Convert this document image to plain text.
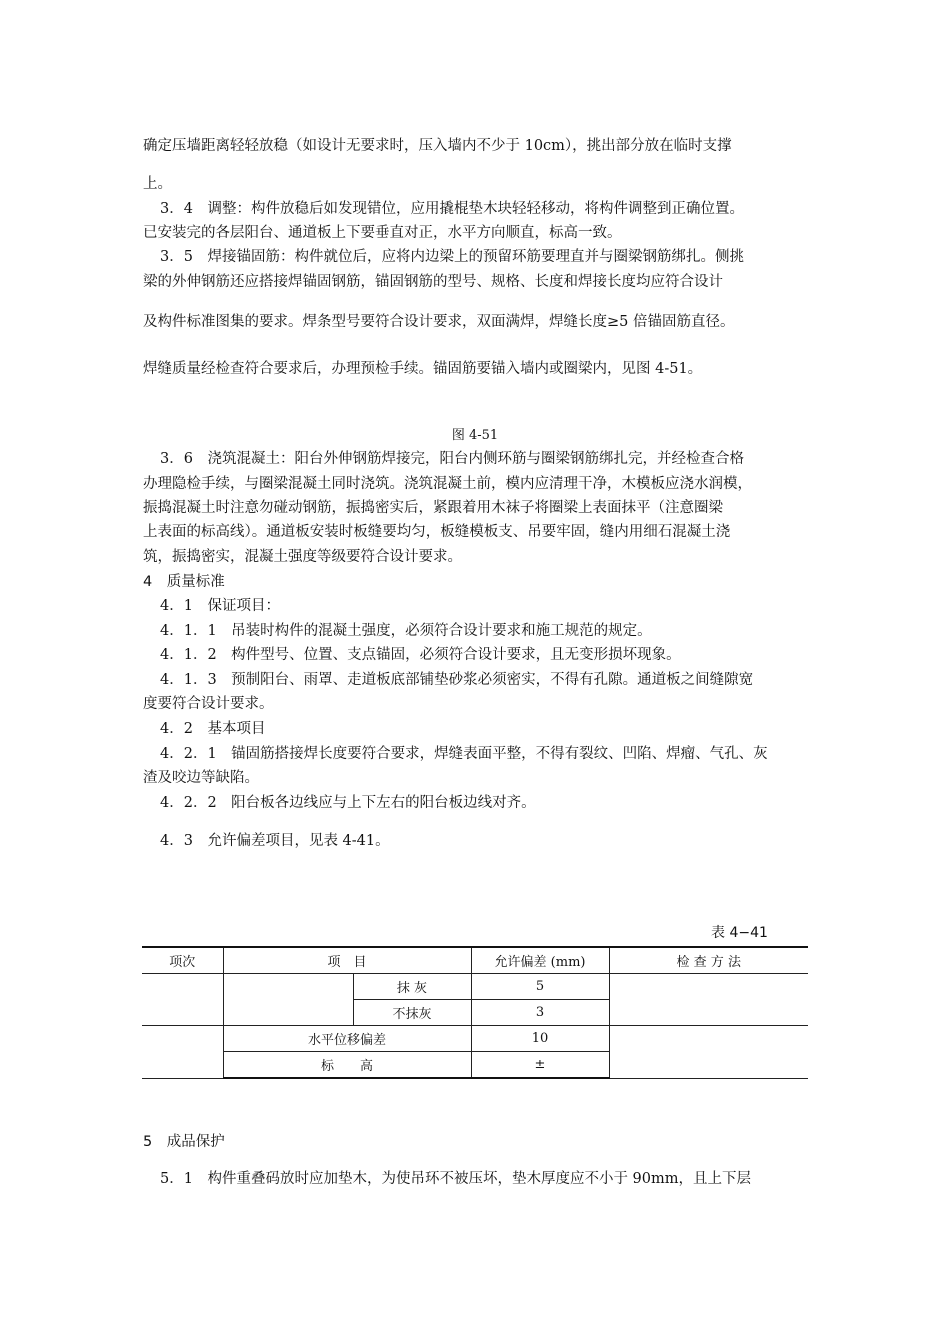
确定压墙距离轻轻放稳（如设计无要求时，压入墙内不少于 10cm），挑出部分放在临时支撑
上。
3．4　调整：构件放稳后如发现错位，应用撬棍垫木块轻轻移动，将构件调整到正确位置。
已安装完的各层阳台、通道板上下要垂直对正，水平方向顺直，标高一致。
3．5　焊接锚固筋：构件就位后，应将内边梁上的预留环筋要理直并与圈梁钢筋绑扎。侧挑
梁的外伸钢筋还应搭接焊锚固钢筋，锚固钢筋的型号、规格、长度和焊接长度均应符合设计
及构件标准图集的要求。焊条型号要符合设计要求，双面满焊，焊缝长度≥5 倍锚固筋直径。
焊缝质量经检查符合要求后，办理预检手续。锚固筋要锚入墙内或圈梁内，见图 4-51。
图 4-51
3．6　浇筑混凝土：阳台外伸钢筋焊接完，阳台内侧环筋与圈梁钢筋绑扎完，并经检查合格
办理隐检手续，与圈梁混凝土同时浇筑。浇筑混凝土前，模内应清理干净，木模板应浇水润模，
振捣混凝土时注意勿碰动钢筋，振捣密实后，紧跟着用木袜子将圈梁上表面抹平（注意圈梁
上表面的标高线）。通道板安装时板缝要均匀，板缝模板支、吊要牢固，缝内用细石混凝土浇
筑，振捣密实，混凝土强度等级要符合设计要求。
4　质量标准
4．1　保证项目：
4．1．1　吊装时构件的混凝土强度，必须符合设计要求和施工规范的规定。
4．1．2　构件型号、位置、支点锚固，必须符合设计要求，且无变形损坏现象。
4．1．3　预制阳台、雨罩、走道板底部铺垫砂浆必须密实，不得有孔隙。通道板之间缝隙宽
度要符合设计要求。
4．2　基本项目
4．2．1　锚固筋搭接焊长度要符合要求，焊缝表面平整，不得有裂纹、凹陷、焊瘤、气孔、灰
渣及咬边等缺陷。
4．2．2　阳台板各边线应与上下左右的阳台板边线对齐。
4．3　允许偏差项目，见表 4-41。
表 4−41
项次	项　目		允许偏差 (mm)	检 查 方 法
		抹 灰	5	
		不抹灰	3	
	水平位移偏差		10	
	标　　高		±	
5　成品保护
5．1　构件重叠码放时应加垫木，为使吊环不被压坏，垫木厚度应不小于 90mm，且上下层
